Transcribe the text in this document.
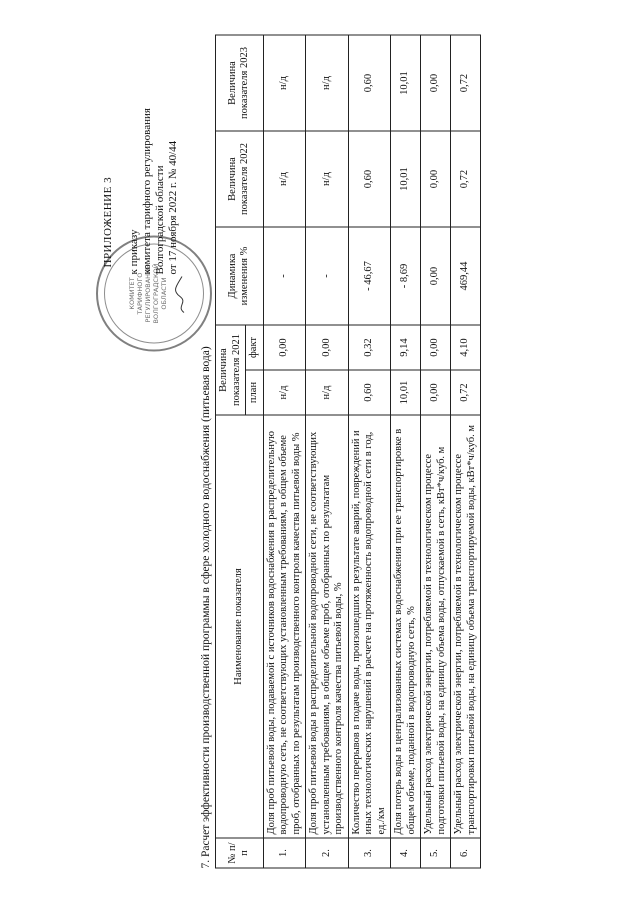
КОМИТЕТ ТАРИФНОГО РЕГУЛИРОВАНИЯ ВОЛГОГРАДСКОЙ ОБЛАСТИ
ПРИЛОЖЕНИЕ 3 к приказу комитета тарифного регулирования Волгоградской области от 17 ноября 2022 г. № 40/44
7. Расчет эффективности производственной программы в сфере холодного водоснабжения (питьевая вода) № п/п	Наименование показателя	Величина показателя 2021		Динамика изменения %	Величина показателя 2022	Величина показателя 2023
		план	факт			
1.	Доля проб питьевой воды, подаваемой с источников водоснабжения в распределительную водопроводную сеть, не соответствующих установленным требованиям, в общем объеме проб, отобранных по результатам производственного контроля качества питьевой воды %	н/д	0,00	-	н/д	н/д
2.	Доля проб питьевой воды в распределительной водопроводной сети, не соответствующих установленным требованиям, в общем объеме проб, отобранных по результатам производственного контроля качества питьевой воды, %	н/д	0,00	-	н/д	н/д
3.	Количество перерывов в подаче воды, произошедших в результате аварий, повреждений и иных технологических нарушений в расчете на протяженность водопроводной сети в год, ед./км	0,60	0,32	- 46,67	0,60	0,60
4.	Доля потерь воды в централизованных системах водоснабжения при ее транспортировке в общем объеме, поданной в водопроводную сеть, %	10,01	9,14	- 8,69	10,01	10,01
5.	Удельный расход электрической энергии, потребляемой в технологическом процессе подготовки питьевой воды, на единицу объема воды, отпускаемой в сеть, кВт*ч/куб. м	0,00	0,00	0,00	0,00	0,00
6.	Удельный расход электрической энергии, потребляемой в технологическом процессе транспортировки питьевой воды, на единицу объема транспортируемой воды, кВт*ч/куб. м	0,72	4,10	469,44	0,72	0,72
